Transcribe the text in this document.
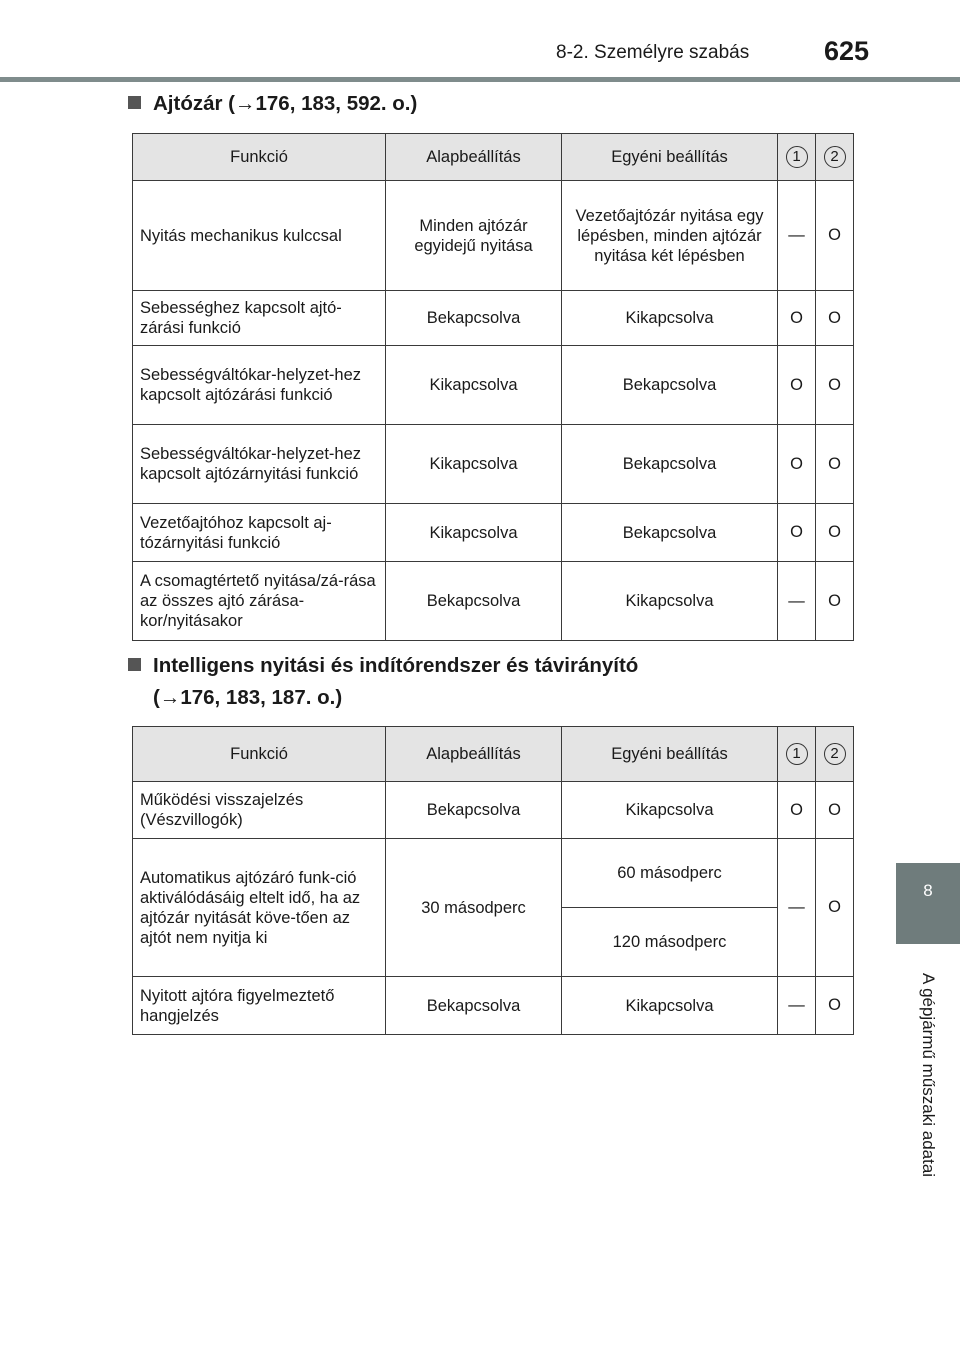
8-2. Személyre szabás	625
8
A gépjármű műszaki adatai
Ajtózár (→176, 183, 592. o.)
Funkció	Alapbeállítás	Egyéni beállítás	1	2
Nyitás mechanikus kulccsal	Minden ajtózár egyidejű nyitása	Vezetőajtózár nyitása egy lépésben, minden ajtózár nyitása két lépésben	—	O
Sebességhez kapcsolt ajtó-zárási funkció	Bekapcsolva	Kikapcsolva	O	O
Sebességváltókar-helyzet-hez kapcsolt ajtózárási funkció	Kikapcsolva	Bekapcsolva	O	O
Sebességváltókar-helyzet-hez kapcsolt ajtózárnyitási funkció	Kikapcsolva	Bekapcsolva	O	O
Vezetőajtóhoz kapcsolt aj-tózárnyitási funkció	Kikapcsolva	Bekapcsolva	O	O
A csomagtértető nyitása/zá-rása az összes ajtó zárása-kor/nyitásakor	Bekapcsolva	Kikapcsolva	—	O
Intelligens nyitási és indítórendszer és távirányító
(→176, 183, 187. o.)
Funkció	Alapbeállítás	Egyéni beállítás	1	2
Működési visszajelzés (Vészvillogók)	Bekapcsolva	Kikapcsolva	O	O
Automatikus ajtózáró funk-ció aktiválódásáig eltelt idő, ha az ajtózár nyitását köve-tően az ajtót nem nyitja ki	30 másodperc	60 másodperc	—	O
		120 másodperc		
Nyitott ajtóra figyelmeztető hangjelzés	Bekapcsolva	Kikapcsolva	—	O
